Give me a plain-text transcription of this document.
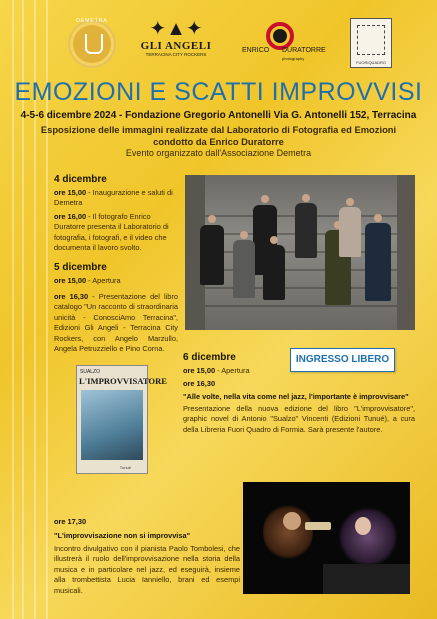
DEMETRA	✦▲✦
GLI ANGELI
TERRACINA CITY ROCKERS
ENRICO DURATORRE
photography
FUORIQUADRO
EMOZIONI E SCATTI IMPROVVISI
4-5-6 dicembre 2024 - Fondazione Gregorio Antonelli Via G. Antonelli 152, Terracina
Esposizione delle immagini realizzate dal Laboratorio di Fotografia ed Emozioni
condotto da Enrico Duratorre
Evento organizzato dall'Associazione Demetra
4 dicembre
ore 15,00 - Inaugurazione e saluti di Demetra
ore 16,00 - Il fotografo Enrico Duratorre presenta il Laboratorio di fotografia, i fotografi, e il video che documenta il lavoro svolto.
5 dicembre
ore 15,00 - Apertura
ore 16,30 - Presentazione del libro catalogo "Un racconto di straordinaria unicità - ConosciAmo Terracina", Edizioni Gli Angeli - Terracina City Rockers, con Angelo Marzullo, Angela Petruzziello e Pino Corna.
SUALZO
L'IMPROVVISATORE
Tunué
INGRESSO LIBERO
6 dicembre
ore 15,00 - Apertura
ore 16,30
"Alle volte, nella vita come nel jazz, l'importante è improvvisare"
Presentazione della nuova edizione del libro "L'improvvisatore", graphic novel di Antonio "Sualzo" Vincenti (Edizioni Tunué), a cura della Libreria Fuori Quadro di Formia. Sarà presente l'autore.
ore 17,30
"L'improvvisazione non si improvvisa"
Incontro divulgativo con il pianista Paolo Tombolesi, che illustrerà il ruolo dell'improvvisazione nella storia della musica e in particolare nel jazz, ed eseguirà, insieme alla trombettista Lucia Ianniello, brani ed esempi musicali.
